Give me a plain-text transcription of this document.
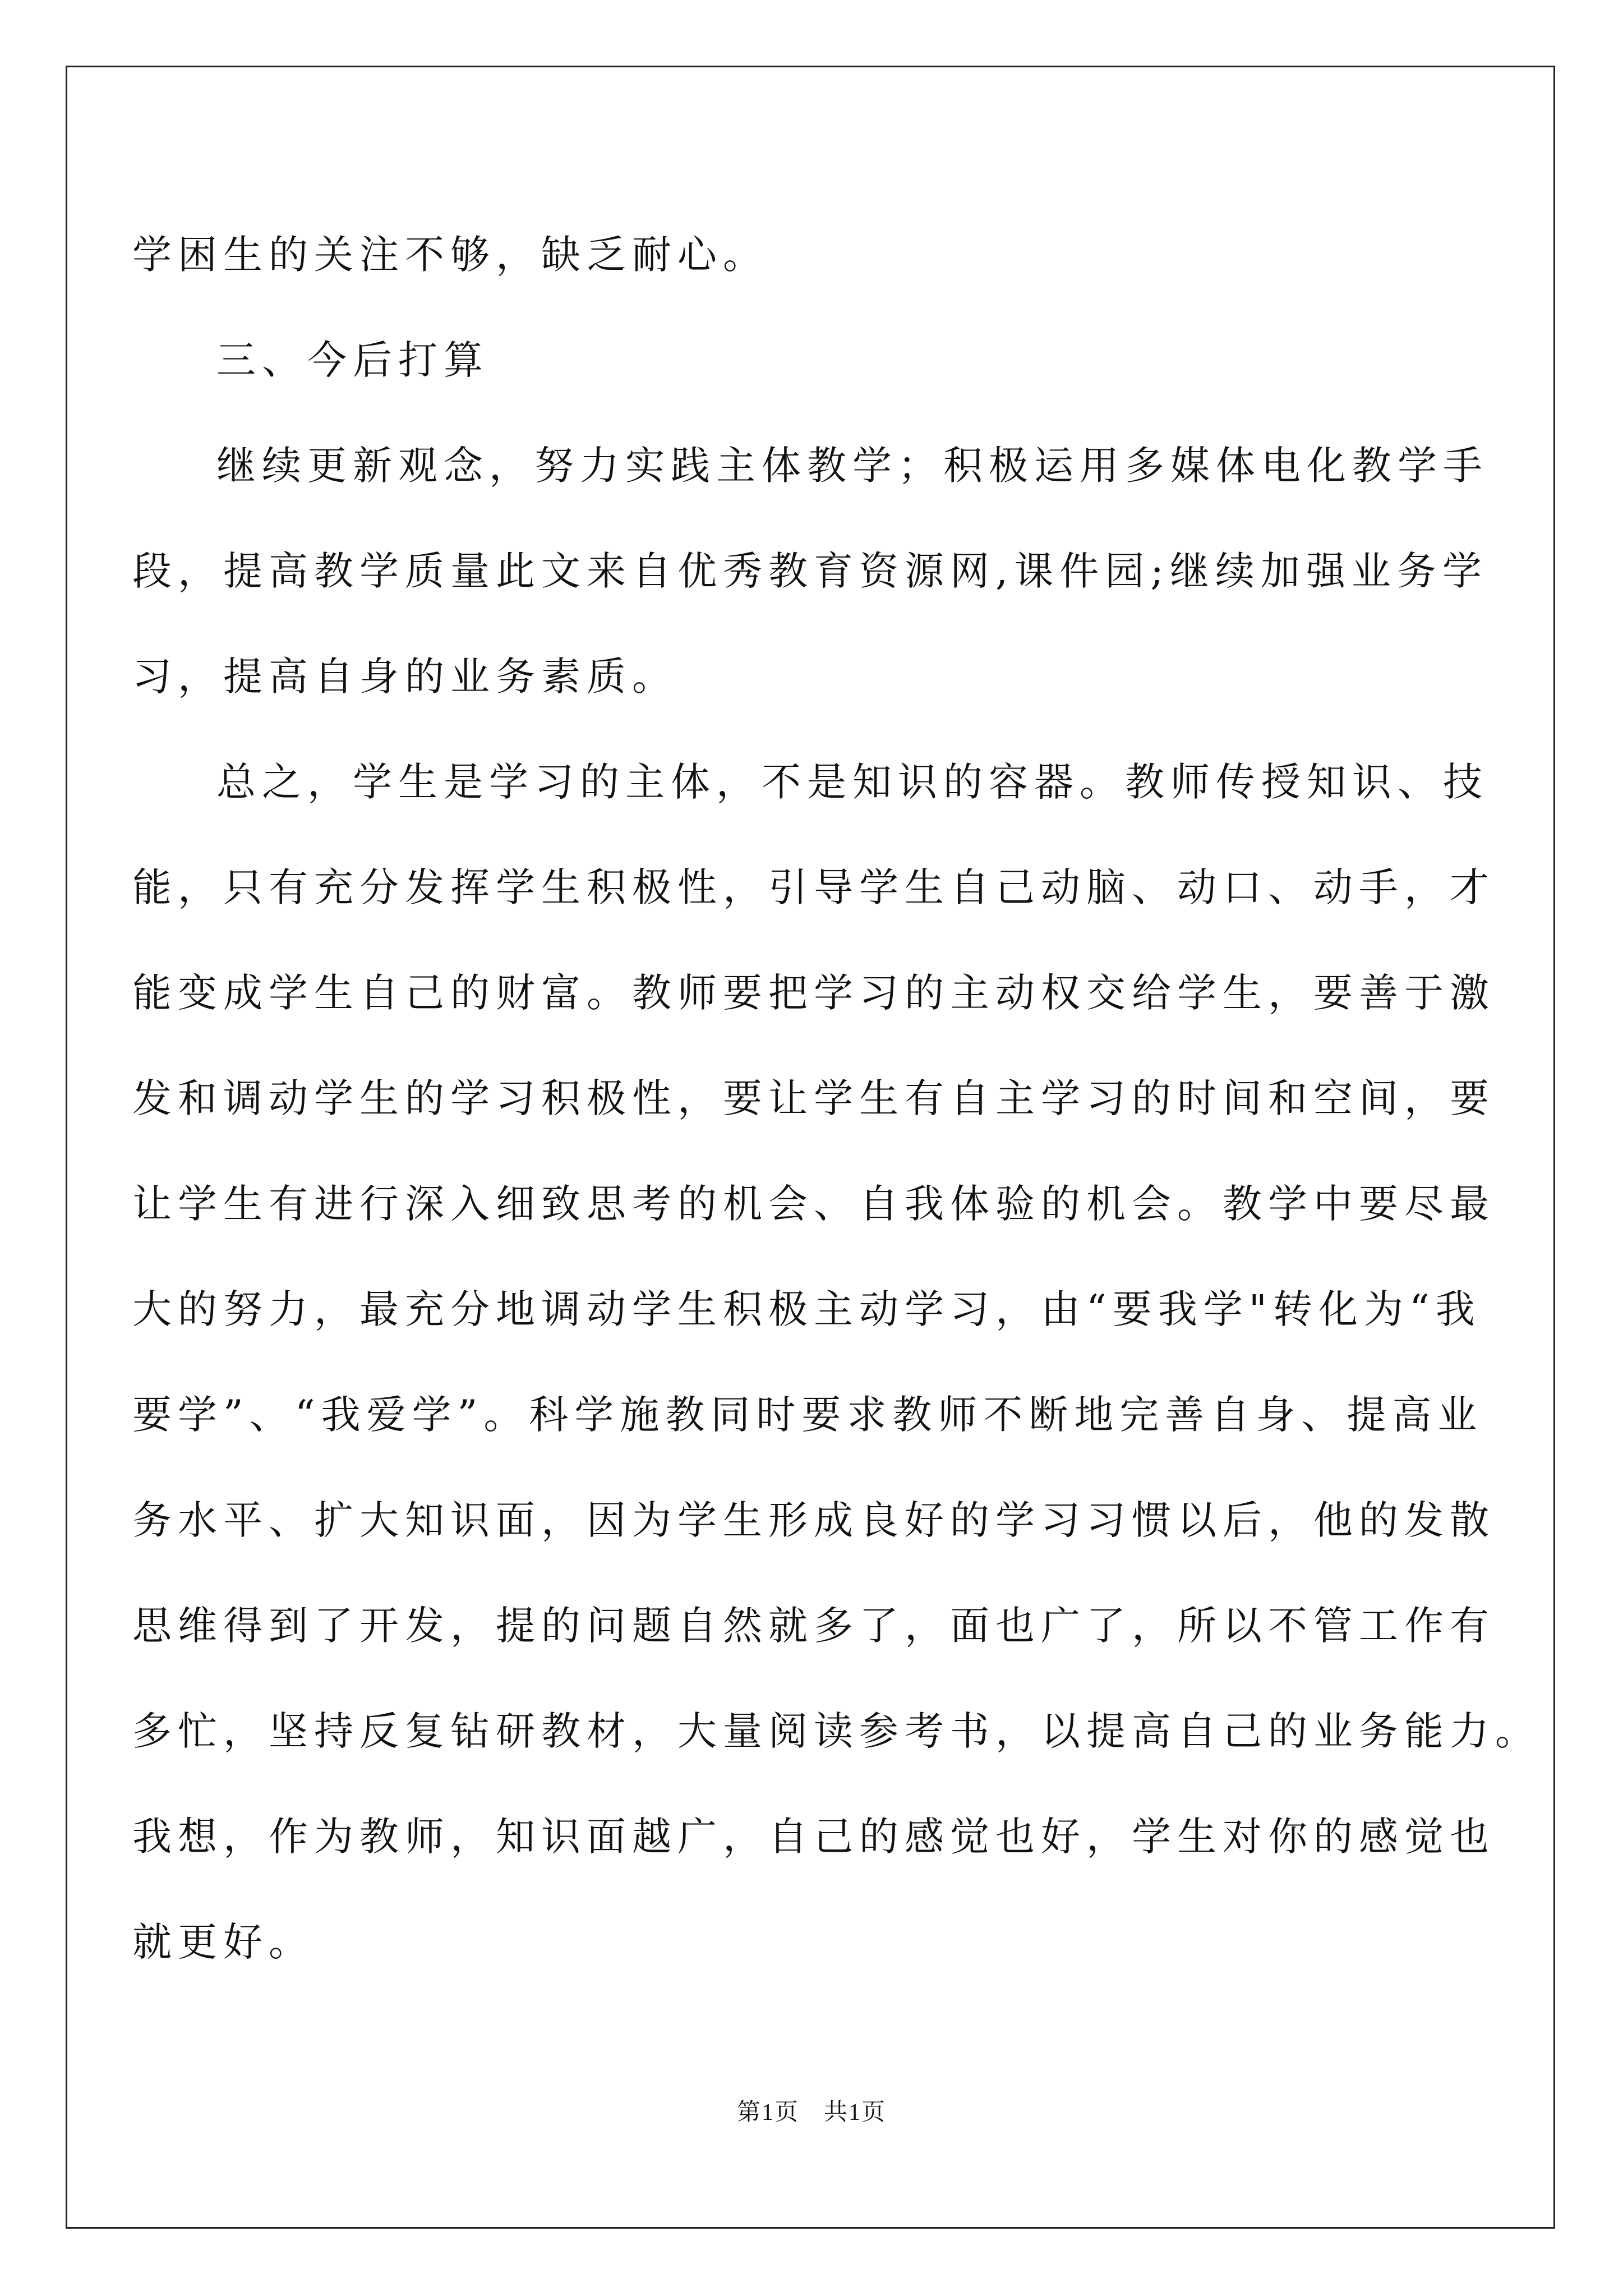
学困生的关注不够，缺乏耐心。
三、今后打算
继续更新观念，努力实践主体教学；积极运用多媒体电化教学手
段，提高教学质量此文来自优秀教育资源网,课件园;继续加强业务学
习，提高自身的业务素质。
总之，学生是学习的主体，不是知识的容器。教师传授知识、技
能，只有充分发挥学生积极性，引导学生自己动脑、动口、动手，才
能变成学生自己的财富。教师要把学习的主动权交给学生，要善于激
发和调动学生的学习积极性，要让学生有自主学习的时间和空间，要
让学生有进行深入细致思考的机会、自我体验的机会。教学中要尽最
大的努力，最充分地调动学生积极主动学习，由“要我学"转化为“我
要学”、“我爱学”。科学施教同时要求教师不断地完善自身、提高业
务水平、扩大知识面，因为学生形成良好的学习习惯以后，他的发散
思维得到了开发，提的问题自然就多了，面也广了，所以不管工作有
多忙，坚持反复钻研教材，大量阅读参考书，以提高自己的业务能力。
我想，作为教师，知识面越广，自己的感觉也好，学生对你的感觉也
就更好。
第1页　共1页
